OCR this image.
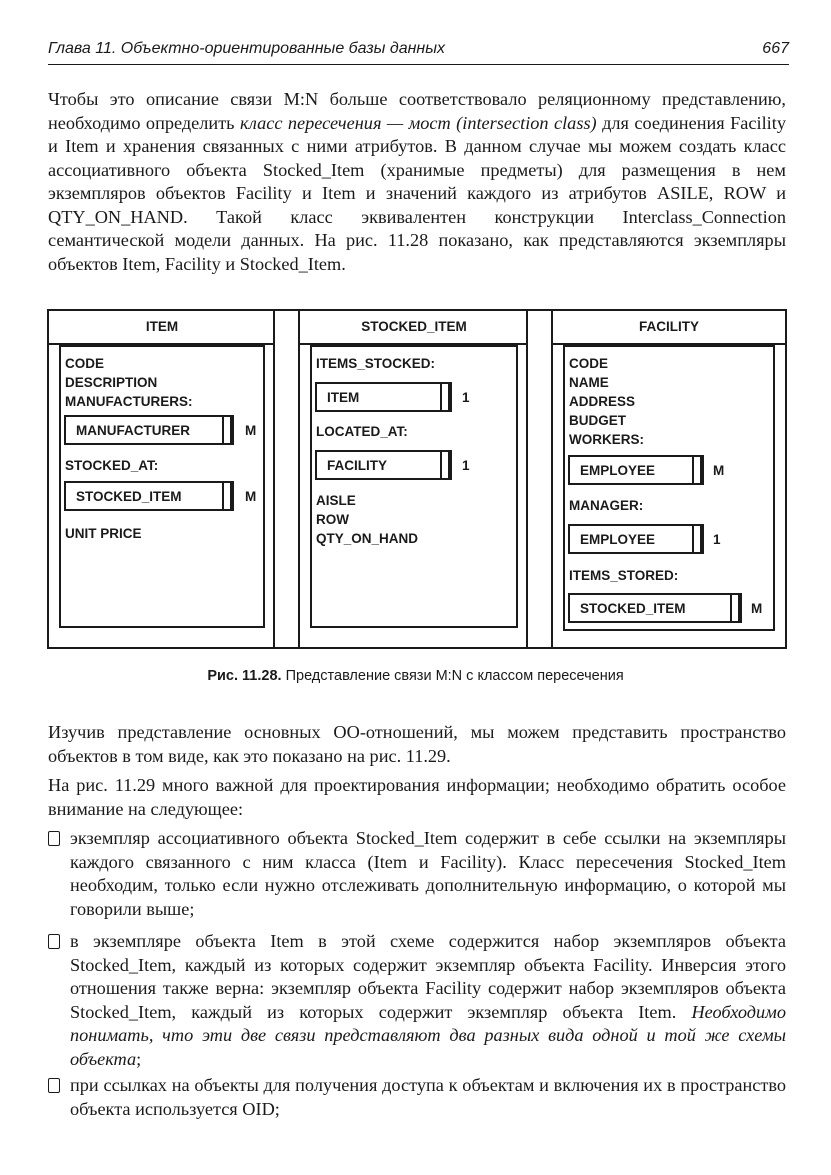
Глава 11. Объектно-ориентированные базы данных	667

Чтобы это описание связи M:N больше соответствовало реляционному представлению, необходимо определить класс пересечения — мост (intersection class) для соединения Facility и Item и хранения связанных с ними атрибутов. В данном случае мы можем создать класс ассоциативного объекта Stocked_Item (хранимые предметы) для размещения в нем экземпляров объектов Facility и Item и значений каждого из атрибутов ASILE, ROW и QTY_ON_HAND. Такой класс эквивалентен конструкции Interclass_Connection семантической модели данных. На рис. 11.28 показано, как представляются экземпляры объектов Item, Facility и Stocked_Item.

ITEM
CODE
DESCRIPTION
MANUFACTURERS:
MANUFACTURER	M
STOCKED_AT:
STOCKED_ITEM	M
UNIT PRICE
STOCKED_ITEM
ITEMS_STOCKED:
ITEM	1
LOCATED_AT:
FACILITY	1
AISLE
ROW
QTY_ON_HAND
FACILITY
CODE
NAME
ADDRESS
BUDGET
WORKERS:
EMPLOYEE	M
MANAGER:
EMPLOYEE	1
ITEMS_STORED:
STOCKED_ITEM	M
Рис. 11.28. Представление связи M:N с классом пересечения

Изучив представление основных ОО-отношений, мы можем представить пространство объектов в том виде, как это показано на рис. 11.29.

На рис. 11.29 много важной для проектирования информации; необходимо обратить особое внимание на следующее:

экземпляр ассоциативного объекта Stocked_Item содержит в себе ссылки на экземпляры каждого связанного с ним класса (Item и Facility). Класс пересечения Stocked_Item необходим, только если нужно отслеживать дополнительную информацию, о которой мы говорили выше;

в экземпляре объекта Item в этой схеме содержится набор экземпляров объекта Stocked_Item, каждый из которых содержит экземпляр объекта Facility. Инверсия этого отношения также верна: экземпляр объекта Facility содержит набор экземпляров объекта Stocked_Item, каждый из которых содержит экземпляр объекта Item. Необходимо понимать, что эти две связи представляют два разных вида одной и той же схемы объекта;

при ссылках на объекты для получения доступа к объектам и включения их в пространство объекта используется OID;
